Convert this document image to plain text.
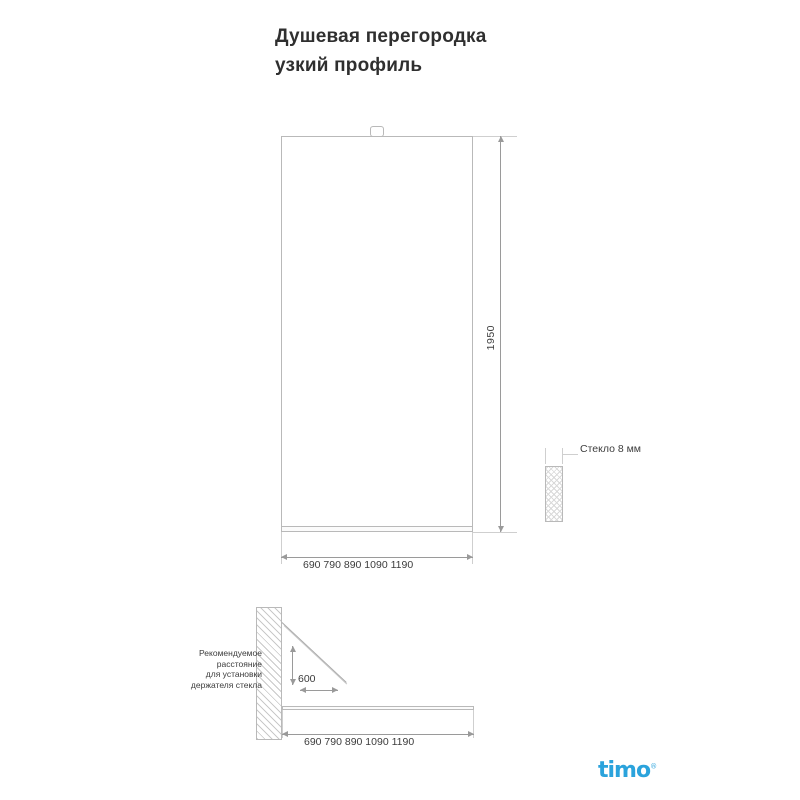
Душевая перегородка
узкий профиль
1950
690 790 890 1090 1190
Стекло 8 мм
Рекомендуемое
расстояние
для установки
держателя стекла	600
690 790 890 1090 1190
timo®
